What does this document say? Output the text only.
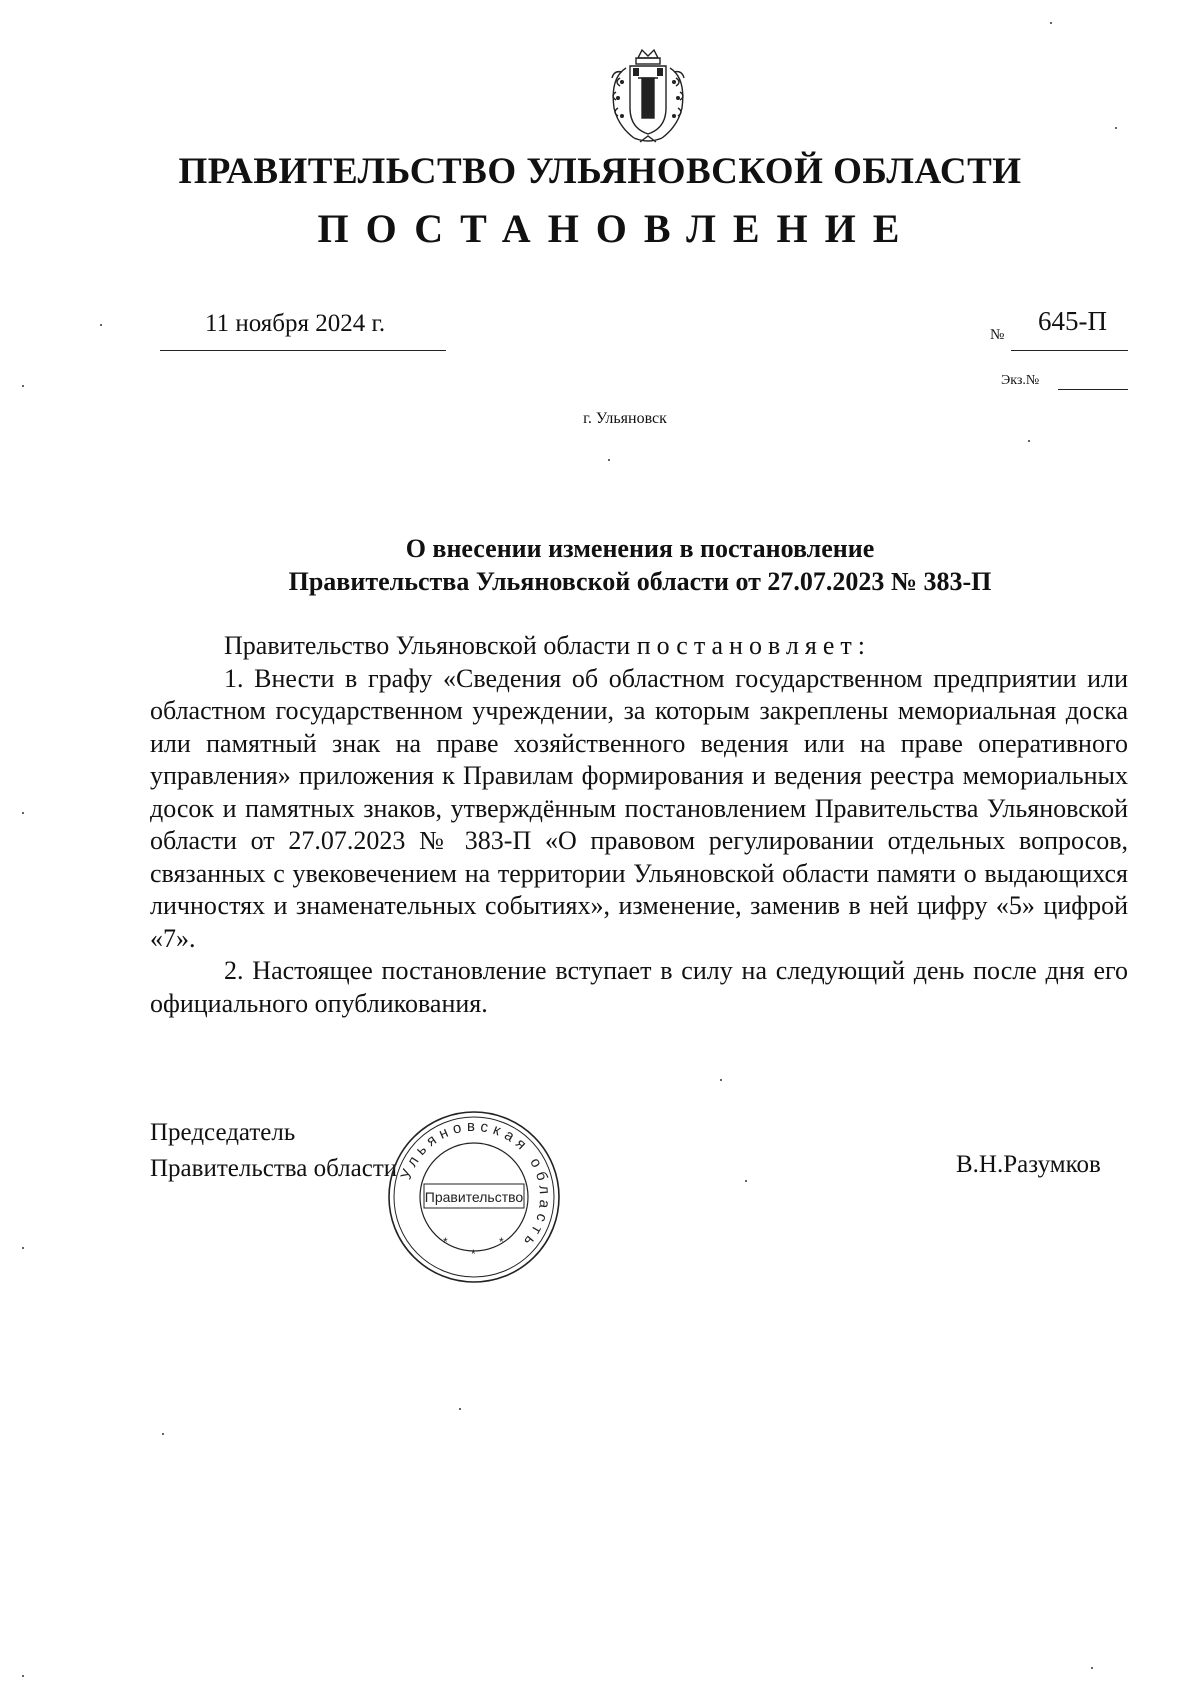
ПРАВИТЕЛЬСТВО УЛЬЯНОВСКОЙ ОБЛАСТИ
ПОСТАНОВЛЕНИЕ
11 ноября 2024 г.	№ 645-П
Экз.№
г. Ульяновск
О внесении изменения в постановление
Правительства Ульяновской области от 27.07.2023 № 383-П

Правительство Ульяновской области постановляет:

1. Внести в графу «Сведения об областном государственном предприятии или областном государственном учреждении, за которым закреплены мемориальная доска или памятный знак на праве хозяйственного ведения или на праве оперативного управления» приложения к Правилам формирования и ведения реестра мемориальных досок и памятных знаков, утверждённым постановлением Правительства Ульяновской области от 27.07.2023 № 383-П «О правовом регулировании отдельных вопросов, связанных с увековечением на территории Ульяновской области памяти о выдающихся личностях и знаменательных событиях», изменение, заменив в ней цифру «5» цифрой «7».

2. Настоящее постановление вступает в силу на следующий день после дня его официального опубликования.

Председатель
Правительства области	В.Н.Разумков
Ульяновская область
Правительство
*
*
*
